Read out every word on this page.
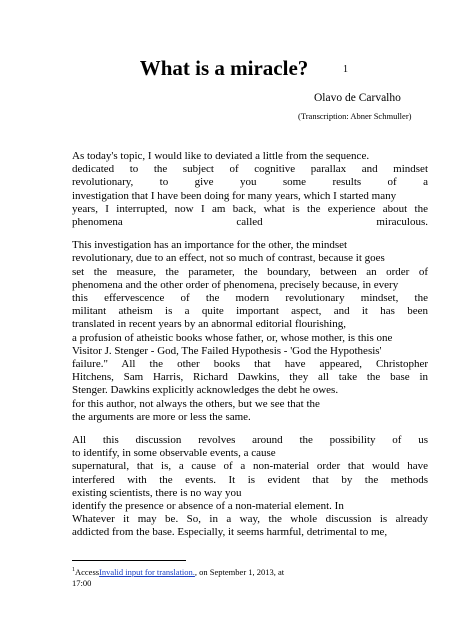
What is a miracle?	1
Olavo de Carvalho
(Transcription: Abner Schmuller)
As today's topic, I would like to deviated a little from the sequence.
dedicated to the subject of cognitive parallax and mindset
revolutionary, to give you some results of a
investigation that I have been doing for many years, which I started many
years, I interrupted, now I am back, what is the experience about the
phenomena called miraculous.
This investigation has an importance for the other, the mindset
revolutionary, due to an effect, not so much of contrast, because it goes
set the measure, the parameter, the boundary, between an order of
phenomena and the other order of phenomena, precisely because, in every
this effervescence of the modern revolutionary mindset, the
militant atheism is a quite important aspect, and it has been
translated in recent years by an abnormal editorial flourishing,
a profusion of atheistic books whose father, or, whose mother, is this one
Visitor J. Stenger - God, The Failed Hypothesis - 'God the Hypothesis'
failure." All the other books that have appeared, Christopher
Hitchens, Sam Harris, Richard Dawkins, they all take the base in
Stenger. Dawkins explicitly acknowledges the debt he owes.
for this author, not always the others, but we see that the
the arguments are more or less the same.
All this discussion revolves around the possibility of us
to identify, in some observable events, a cause
supernatural, that is, a cause of a non-material order that would have
interfered with the events. It is evident that by the methods
existing scientists, there is no way you
identify the presence or absence of a non-material element. In
Whatever it may be. So, in a way, the whole discussion is already
addicted from the base. Especially, it seems harmful, detrimental to me,
$^1$AccessInvalid input for translation., on September 1, 2013, at
17:00
